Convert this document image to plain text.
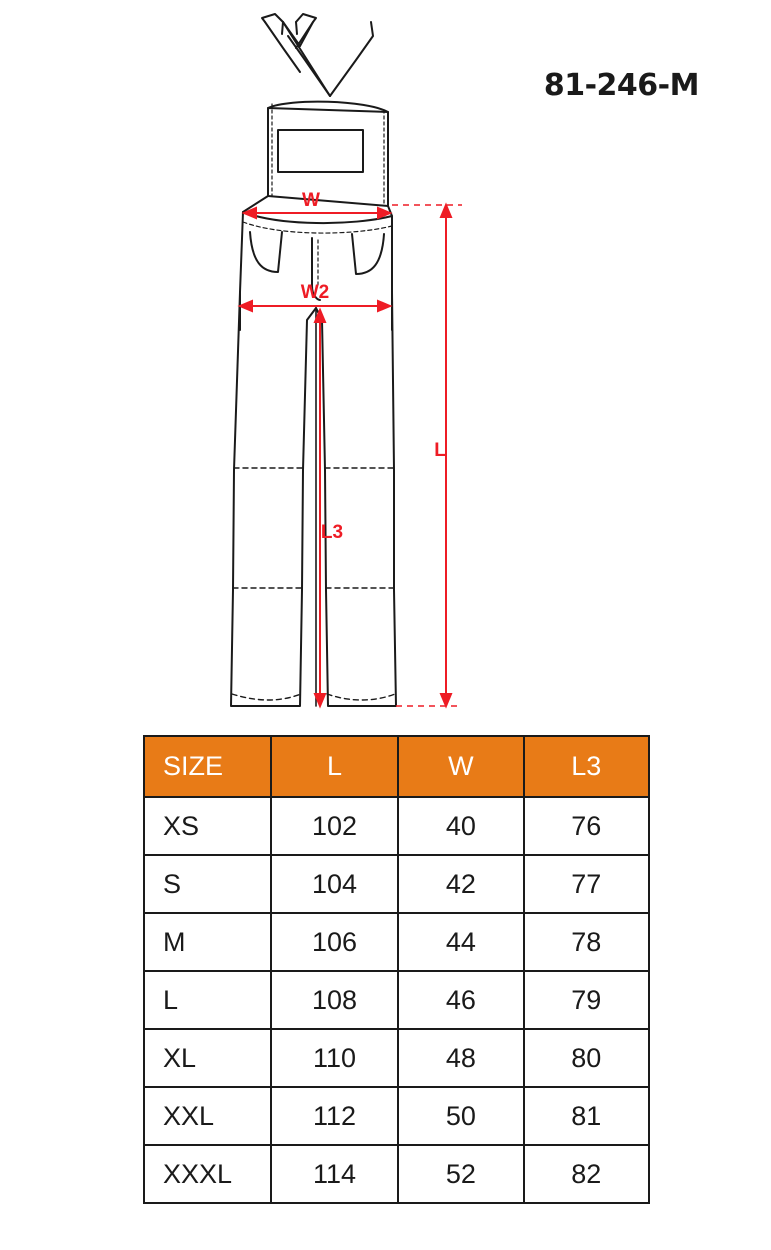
81-246-M
W
W2
L
L3
SIZE	L	W	L3
XS	102	40	76
S	104	42	77
M	106	44	78
L	108	46	79
XL	110	48	80
XXL	112	50	81
XXXL	114	52	82
